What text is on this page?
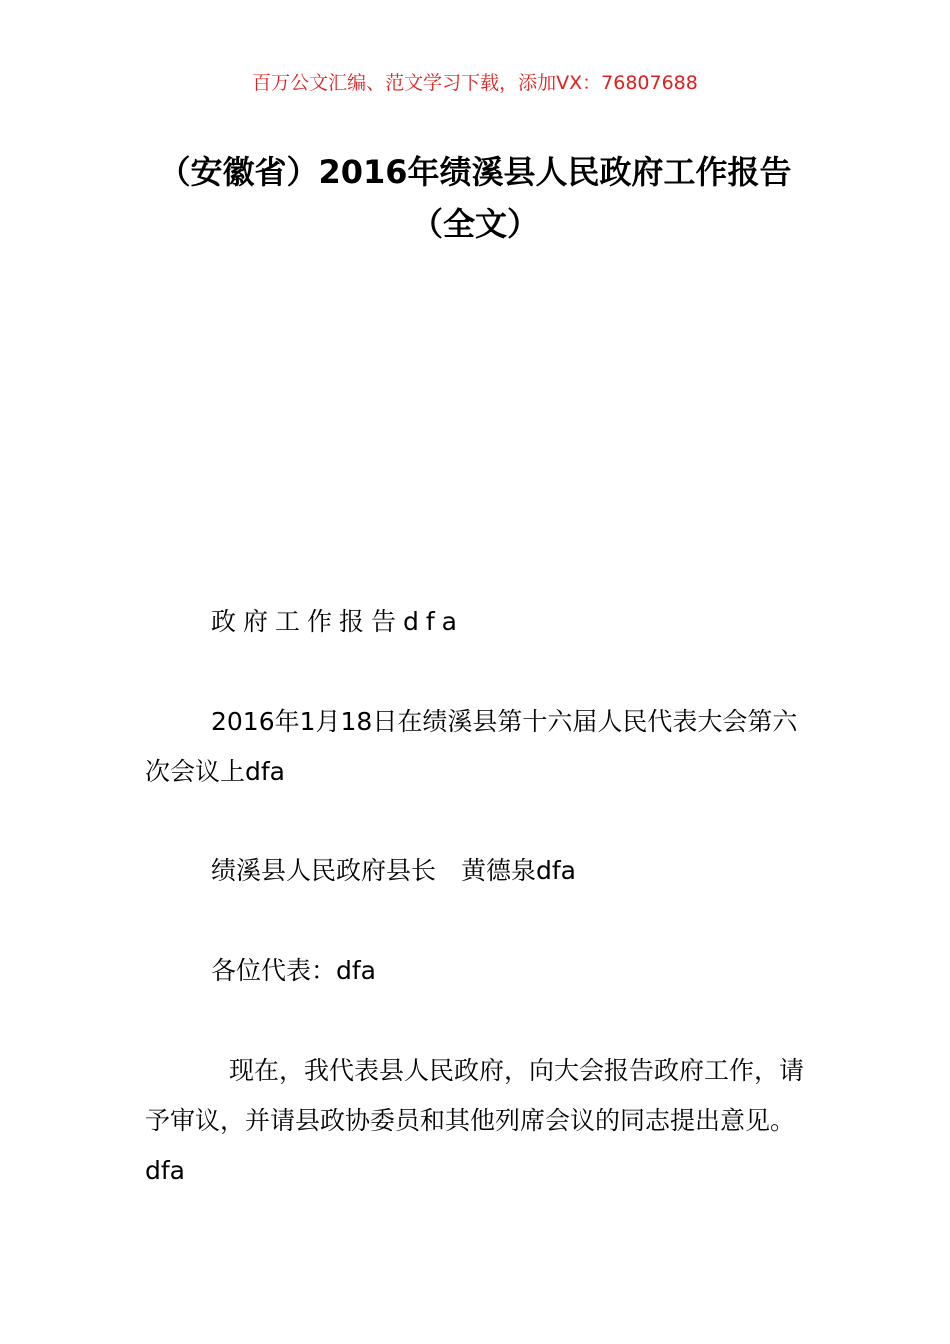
百万公文汇编、范文学习下载，添加VX：76807688
（安徽省）2016年绩溪县人民政府工作报告（全文）
政府工作报告dfa
2016年1月18日在绩溪县第十六届人民代表大会第六次会议上dfa
绩溪县人民政府县长　黄德泉dfa
各位代表：dfa
现在，我代表县人民政府，向大会报告政府工作，请予审议，并请县政协委员和其他列席会议的同志提出意见。dfa
